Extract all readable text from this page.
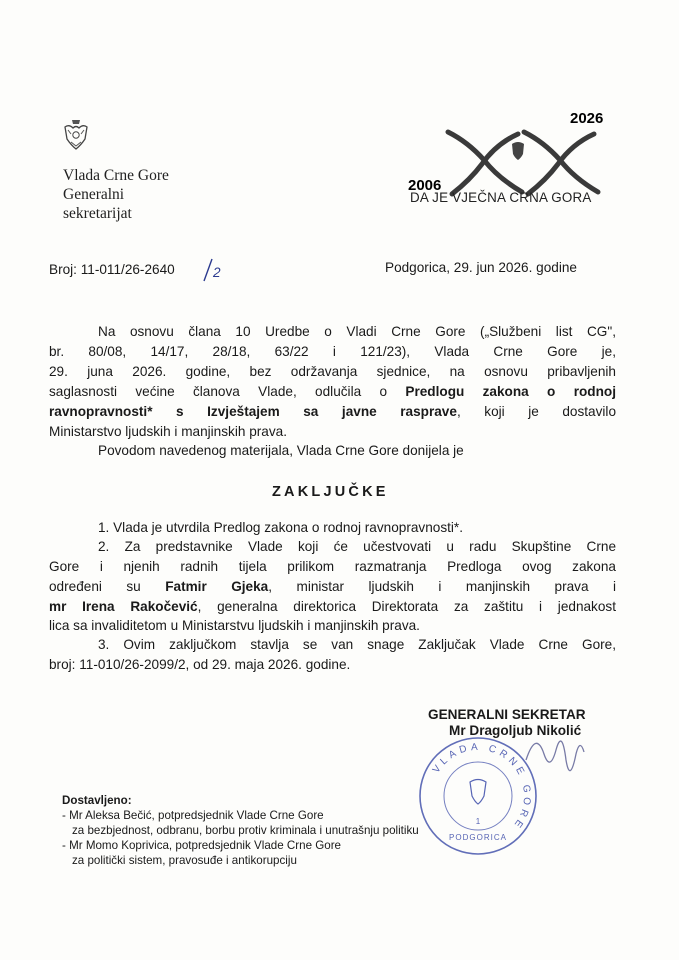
Vlada Crne Gore
Generalni
sekretarijat
2026
2006
DA JE VJEČNA CRNA GORA
Broj: 11-011/26-2640	2	Podgorica, 29. jun 2026. godine
Na osnovu člana 10 Uredbe o Vladi Crne Gore („Službeni list CG",
br. 80/08, 14/17, 28/18, 63/22 i 121/23), Vlada Crne Gore je,
29. juna 2026. godine, bez održavanja sjednice, na osnovu pribavljenih
saglasnosti većine članova Vlade, odlučila o Predlogu zakona o rodnoj
ravnopravnosti* s Izvještajem sa javne rasprave, koji je dostavilo
Ministarstvo ljudskih i manjinskih prava.
Povodom navedenog materijala, Vlada Crne Gore donijela je
ZAKLJUČKE
1. Vlada je utvrdila Predlog zakona o rodnoj ravnopravnosti*.
2. Za predstavnike Vlade koji će učestvovati u radu Skupštine Crne
Gore i njenih radnih tijela prilikom razmatranja Predloga ovog zakona
određeni su Fatmir Gjeka, ministar ljudskih i manjinskih prava i
mr Irena Rakočević, generalna direktorica Direktorata za zaštitu i jednakost
lica sa invaliditetom u Ministarstvu ljudskih i manjinskih prava.
3. Ovim zaključkom stavlja se van snage Zaključak Vlade Crne Gore,
broj: 11-010/26-2099/2, od 29. maja 2026. godine.
GENERALNI SEKRETAR
Mr Dragoljub Nikolić
VLADA CRNE GORE
1
PODGORICA
Dostavljeno:
- Mr Aleksa Bečić, potpredsjednik Vlade Crne Gore
za bezbjednost, odbranu, borbu protiv kriminala i unutrašnju politiku
- Mr Momo Koprivica, potpredsjednik Vlade Crne Gore
za politički sistem, pravosuđe i antikorupciju
